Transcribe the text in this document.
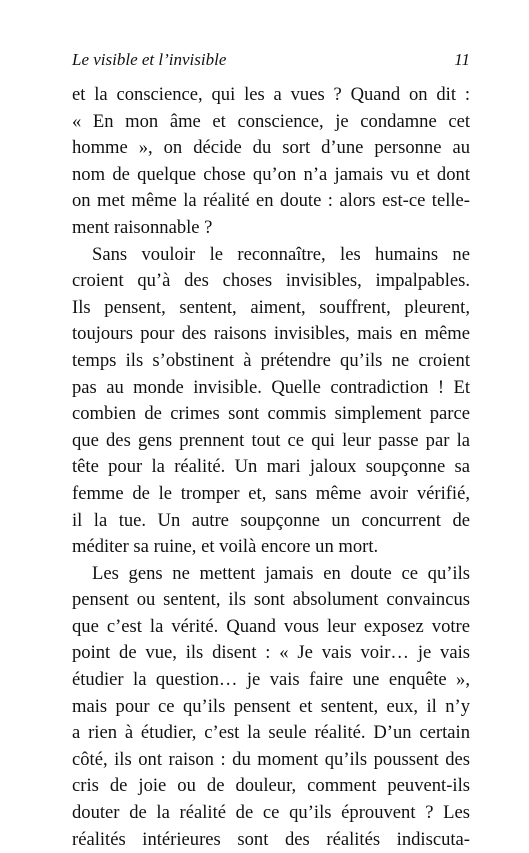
Le visible et l’invisible	11
et la conscience, qui les a vues ? Quand on dit :
« En mon âme et conscience, je condamne cet
homme », on décide du sort d’une personne au
nom de quelque chose qu’on n’a jamais vu et dont
on met même la réalité en doute : alors est-ce telle-
ment raisonnable ?
Sans vouloir le reconnaître, les humains ne
croient qu’à des choses invisibles, impalpables.
Ils pensent, sentent, aiment, souffrent, pleurent,
toujours pour des raisons invisibles, mais en même
temps ils s’obstinent à prétendre qu’ils ne croient
pas au monde invisible. Quelle contradiction ! Et
combien de crimes sont commis simplement parce
que des gens prennent tout ce qui leur passe par la
tête pour la réalité. Un mari jaloux soupçonne sa
femme de le tromper et, sans même avoir vérifié,
il la tue. Un autre soupçonne un concurrent de
méditer sa ruine, et voilà encore un mort.
Les gens ne mettent jamais en doute ce qu’ils
pensent ou sentent, ils sont absolument convaincus
que c’est la vérité. Quand vous leur exposez votre
point de vue, ils disent : « Je vais voir… je vais
étudier la question… je vais faire une enquête »,
mais pour ce qu’ils pensent et sentent, eux, il n’y
a rien à étudier, c’est la seule réalité. D’un certain
côté, ils ont raison : du moment qu’ils poussent des
cris de joie ou de douleur, comment peuvent-ils
douter de la réalité de ce qu’ils éprouvent ? Les
réalités intérieures sont des réalités indiscuta-
